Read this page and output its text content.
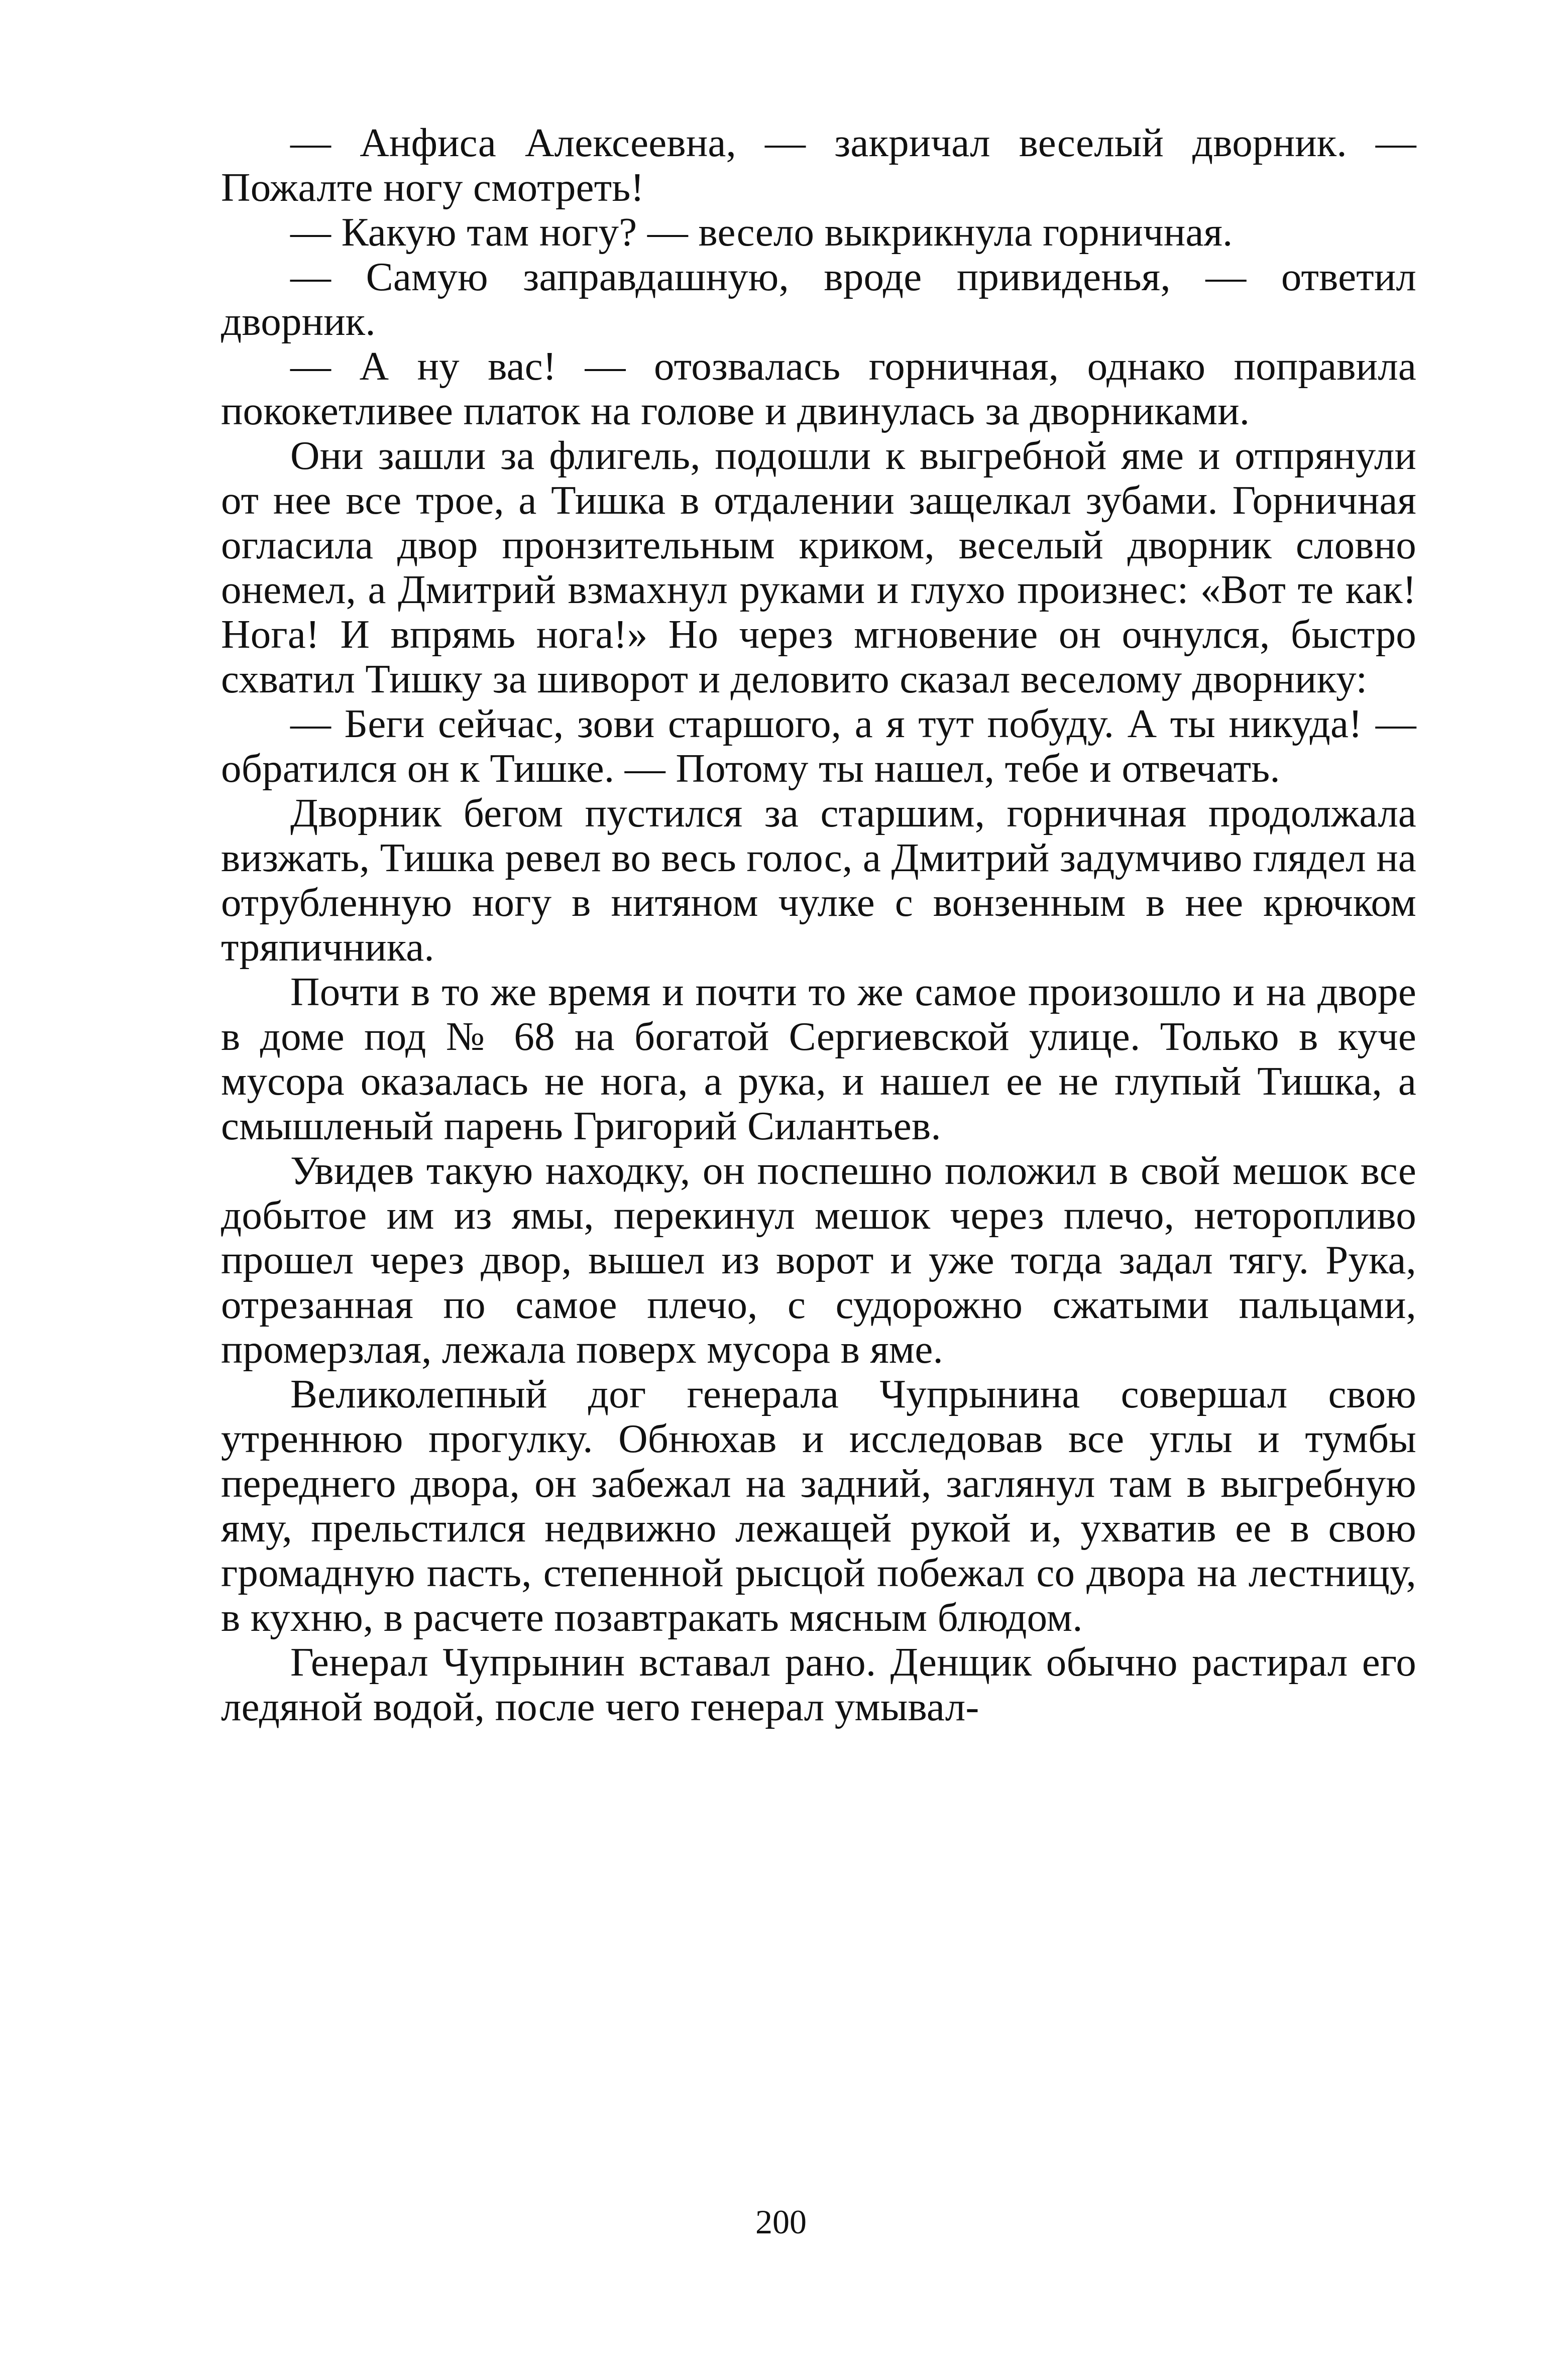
— Анфиса Алексеевна, — закричал веселый дворник. — Пожалте ногу смотреть!

— Какую там ногу? — весело выкрикнула горничная.

— Самую заправдашную, вроде привиденья, — ответил дворник.

— А ну вас! — отозвалась горничная, однако поправила пококетливее платок на голове и двинулась за дворниками.

Они зашли за флигель, подошли к выгребной яме и отпрянули от нее все трое, а Тишка в отдалении защелкал зубами. Горничная огласила двор пронзительным криком, веселый дворник словно онемел, а Дмитрий взмахнул руками и глухо произнес: «Вот те как! Нога! И впрямь нога!» Но через мгновение он очнулся, быстро схватил Тишку за шиворот и деловито сказал веселому дворнику:

— Беги сейчас, зови старшого, а я тут побуду. А ты никуда! — обратился он к Тишке. — Потому ты нашел, тебе и отвечать.

Дворник бегом пустился за старшим, горничная продолжала визжать, Тишка ревел во весь голос, а Дмитрий задумчиво глядел на отрубленную ногу в нитяном чулке с вонзенным в нее крючком тряпичника.

Почти в то же время и почти то же самое произошло и на дворе в доме под № 68 на богатой Сергиевской улице. Только в куче мусора оказалась не нога, а рука, и нашел ее не глупый Тишка, а смышленый парень Григорий Силантьев.

Увидев такую находку, он поспешно положил в свой мешок все добытое им из ямы, перекинул мешок через плечо, неторопливо прошел через двор, вышел из ворот и уже тогда задал тягу. Рука, отрезанная по самое плечо, с судорожно сжатыми пальцами, промерзлая, лежала поверх мусора в яме.

Великолепный дог генерала Чупрынина совершал свою утреннюю прогулку. Обнюхав и исследовав все углы и тумбы переднего двора, он забежал на задний, заглянул там в выгребную яму, прельстился недвижно лежащей рукой и, ухватив ее в свою громадную пасть, степенной рысцой побежал со двора на лестницу, в кухню, в расчете позавтракать мясным блюдом.

Генерал Чупрынин вставал рано. Денщик обычно растирал его ледяной водой, после чего генерал умывал-

200
